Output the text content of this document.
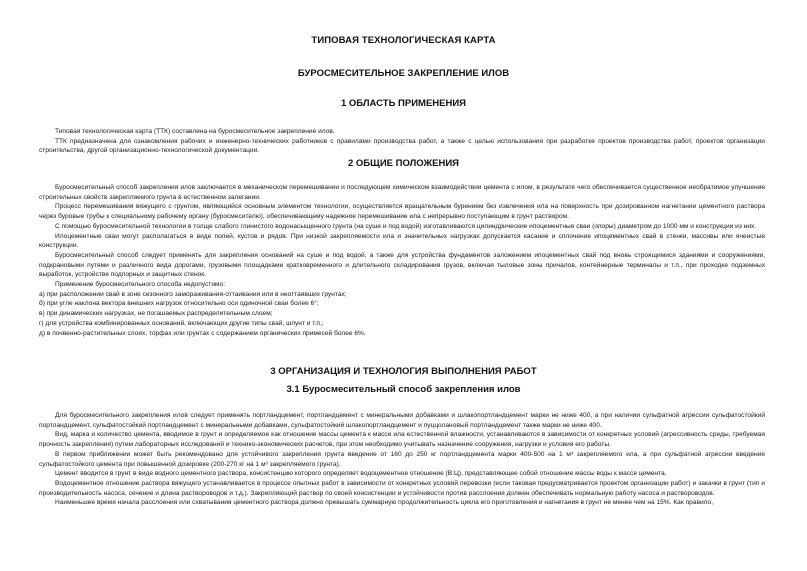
ТИПОВАЯ ТЕХНОЛОГИЧЕСКАЯ КАРТА
БУРОСМЕСИТЕЛЬНОЕ ЗАКРЕПЛЕНИЕ ИЛОВ
1 ОБЛАСТЬ ПРИМЕНЕНИЯ

Типовая технологическая карта (ТТК) составлена на буросмесительное закрепление илов.

ТТК предназначена для ознакомления рабочих и инженерно-технических работников с правилами производства работ, а также с целью использования при разработке проектов производства работ, проектов организации строительства, другой организационно-технологической документации.

2 ОБЩИЕ ПОЛОЖЕНИЯ

Буросмесительный способ закрепления илов заключается в механическом перемешивании и последующем химическом взаимодействии цемента с илом, в результате чего обеспечивается существенное необратимое улучшение строительных свойств закрепляемого грунта в естественном залегании.

Процесс перемешивания вяжущего с грунтом, являющийся основным элементом технологии, осуществляется вращательным бурением без извлечения ила на поверхность при дозированном нагнетании цементного раствора через буровые трубы к специальному рабочему органу (буросмесителю), обеспечивающему надежное перемешивание ила с непрерывно поступающим в грунт раствором.

С помощью буросмесительной технологии в толще слабого глинистого водонасыщенного грунта (на суше и под водой) изготавливаются цилиндрические ипоцементные сваи (опоры) диаметром до 1000 мм и конструкции из них.

Илоцементные сваи могут располагаться в виде полей, кустов и рядов. При низкой закрепляемости ила и значительных нагрузках допускается касание и сплочение ипоцементных свай в стенки, массивы или ячеистые конструкции.

Буросмесительный способ следует применять для закрепления оснований на суше и под водой, а также для устройства фундаментов заложением ипоцементных свай под вновь строящимися зданиями и сооружениями, подкрановыми путями и различного вида дорогами, грузовыми площадками кратковременного и длительного складирования грузов, включая тыловые зоны причалов, контейнерные терминалы и т.п., при проходке подземных выработок, устройстве подпорных и защитных стенок.

Применение буросмесительного способа недопустимо:

а) при расположении свай в зоне сезонного замораживания-оттаивания или в неоттаявших грунтах;

б) при угле наклона вектора внешних нагрузок относительно оси одиночной сваи более 6°;

в) при динамических нагрузках, не погашаемых распределительным слоем;

г) для устройства комбинированных оснований, включающих другие типы свай, шпунт и т.п.;

д) в почвенно-растительных слоях, торфах или грунтах с содержанием органических примесей более 6%.

3 ОРГАНИЗАЦИЯ И ТЕХНОЛОГИЯ ВЫПОЛНЕНИЯ РАБОТ
3.1 Буросмесительный способ закрепления илов

Для буросмесительного закрепления илов следует применять портландцемент, портландцемент с минеральными добавками и шлакопортландцемент марки не ниже 400, а при наличии сульфатной агрессии сульфатостойкий портландцемент, сульфатостойкий портландцемент с минеральными добавками, сульфатостойкий шлакопортландцемент и пуццолановый портландцемент также марки не ниже 400.

Вид, марка и количество цемента, вводимое в грунт и определяемое как отношение массы цемента к массе ила естественной влажности, устанавливаются в зависимости от конкретных условий (агрессивность среды, требуемая прочность закрепления) путем лабораторных исследований и технико-экономических расчетов, при этом необходимо учитывать назначение сооружения, нагрузки и условия его работы.

В первом приближении может быть рекомендовано для устойчивого закрепления грунта введение от 160 до 250 кг портландцемента марки 400-500 на 1 м³ закрепляемого ила, а при сульфатной агрессии введение сульфатостойкого цемента при повышенной дозировке (200-270 кг на 1 м³ закрепляемого грунта).

Цемент вводится в грунт в виде водного цементного раствора, консистенцию которого определяет водоцементное отношение (В:Ц), представляющее собой отношение массы воды к массе цемента.

Водоцементное отношение раствора вяжущего устанавливается в процессе опытных работ в зависимости от конкретных условий перевозки (если таковая предусматривается проектом организации работ) и закачки в грунт (тип и производительность насоса, сечение и длина раствороводов и т.д.). Закрепляющий раствор по своей консистенции и устойчивости против расслоения должен обеспечивать нормальную работу насоса и раствороводов.

Наименьшее время начала расслоения или схватывания цементного раствора должно превышать суммарную продолжительность цикла его приготовления и нагнетания в грунт не менее чем на 15%. Как правило,
